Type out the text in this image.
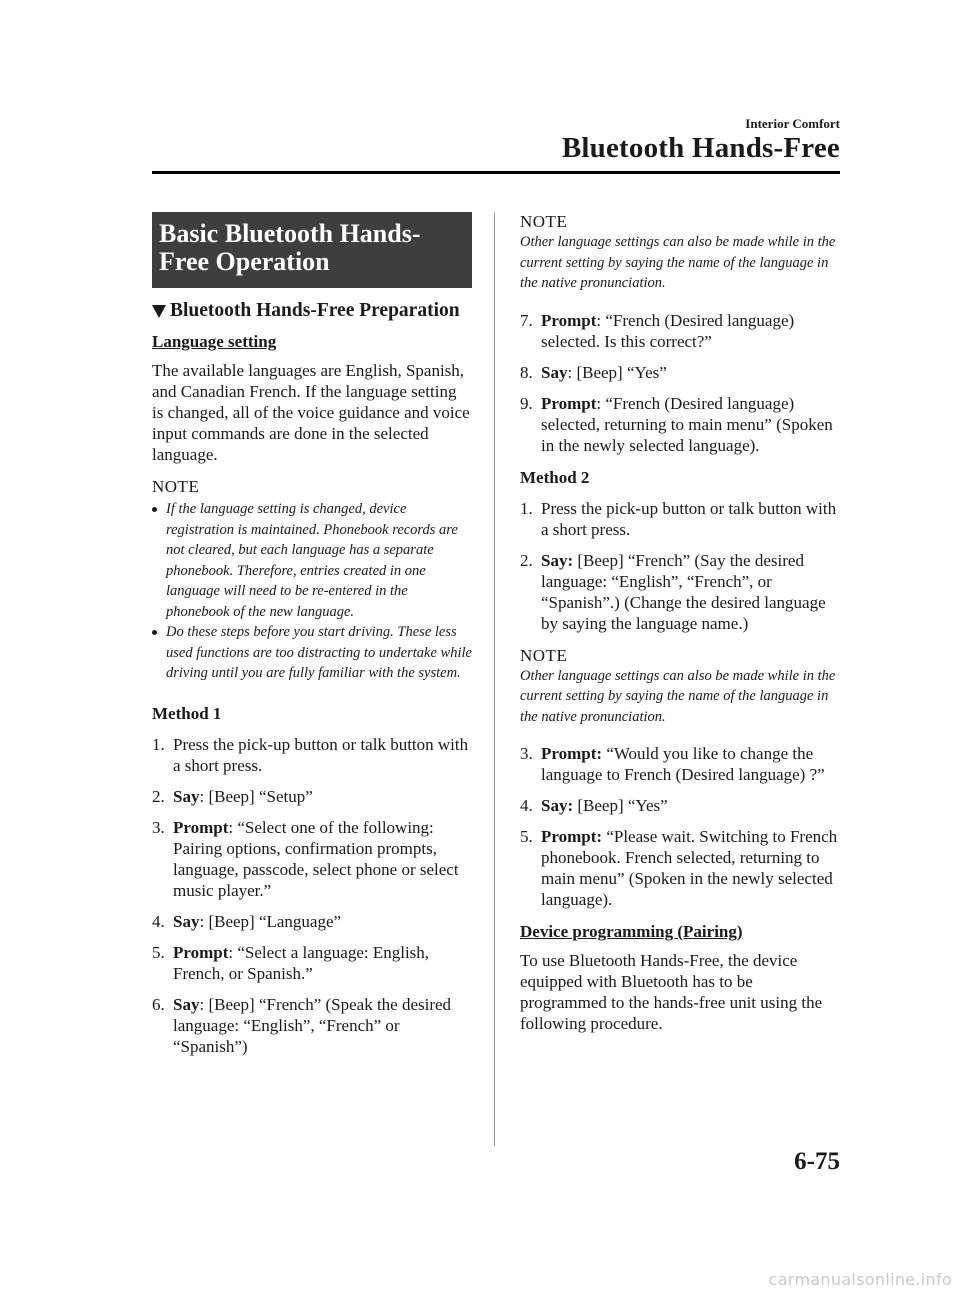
Interior Comfort
Bluetooth Hands-Free
Basic Bluetooth Hands-
Free Operation
Bluetooth Hands-Free Preparation
Language setting
The available languages are English, Spanish, and Canadian French. If the language setting is changed, all of the voice guidance and voice input commands are done in the selected language.
NOTE
If the language setting is changed, device registration is maintained. Phonebook records are not cleared, but each language has a separate phonebook. Therefore, entries created in one language will need to be re-entered in the phonebook of the new language.
Do these steps before you start driving. These less used functions are too distracting to undertake while driving until you are fully familiar with the system.
Method 1
1. Press the pick-up button or talk button with a short press.
2. Say: [Beep] “Setup”
3. Prompt: “Select one of the following: Pairing options, confirmation prompts, language, passcode, select phone or select music player.”
4. Say: [Beep] “Language”
5. Prompt: “Select a language: English, French, or Spanish.”
6. Say: [Beep] “French” (Speak the desired language: “English”, “French” or “Spanish”)
NOTE
Other language settings can also be made while in the current setting by saying the name of the language in the native pronunciation.
7. Prompt: “French (Desired language) selected. Is this correct?”
8. Say: [Beep] “Yes”
9. Prompt: “French (Desired language) selected, returning to main menu” (Spoken in the newly selected language).
Method 2
1. Press the pick-up button or talk button with a short press.
2. Say: [Beep] “French” (Say the desired language: “English”, “French”, or “Spanish”.) (Change the desired language by saying the language name.)
NOTE
Other language settings can also be made while in the current setting by saying the name of the language in the native pronunciation.
3. Prompt: “Would you like to change the language to French (Desired language) ?”
4. Say: [Beep] “Yes”
5. Prompt: “Please wait. Switching to French phonebook. French selected, returning to main menu” (Spoken in the newly selected language).
Device programming (Pairing)
To use Bluetooth Hands-Free, the device equipped with Bluetooth has to be programmed to the hands-free unit using the following procedure.
6-75
carmanualsonline.info
